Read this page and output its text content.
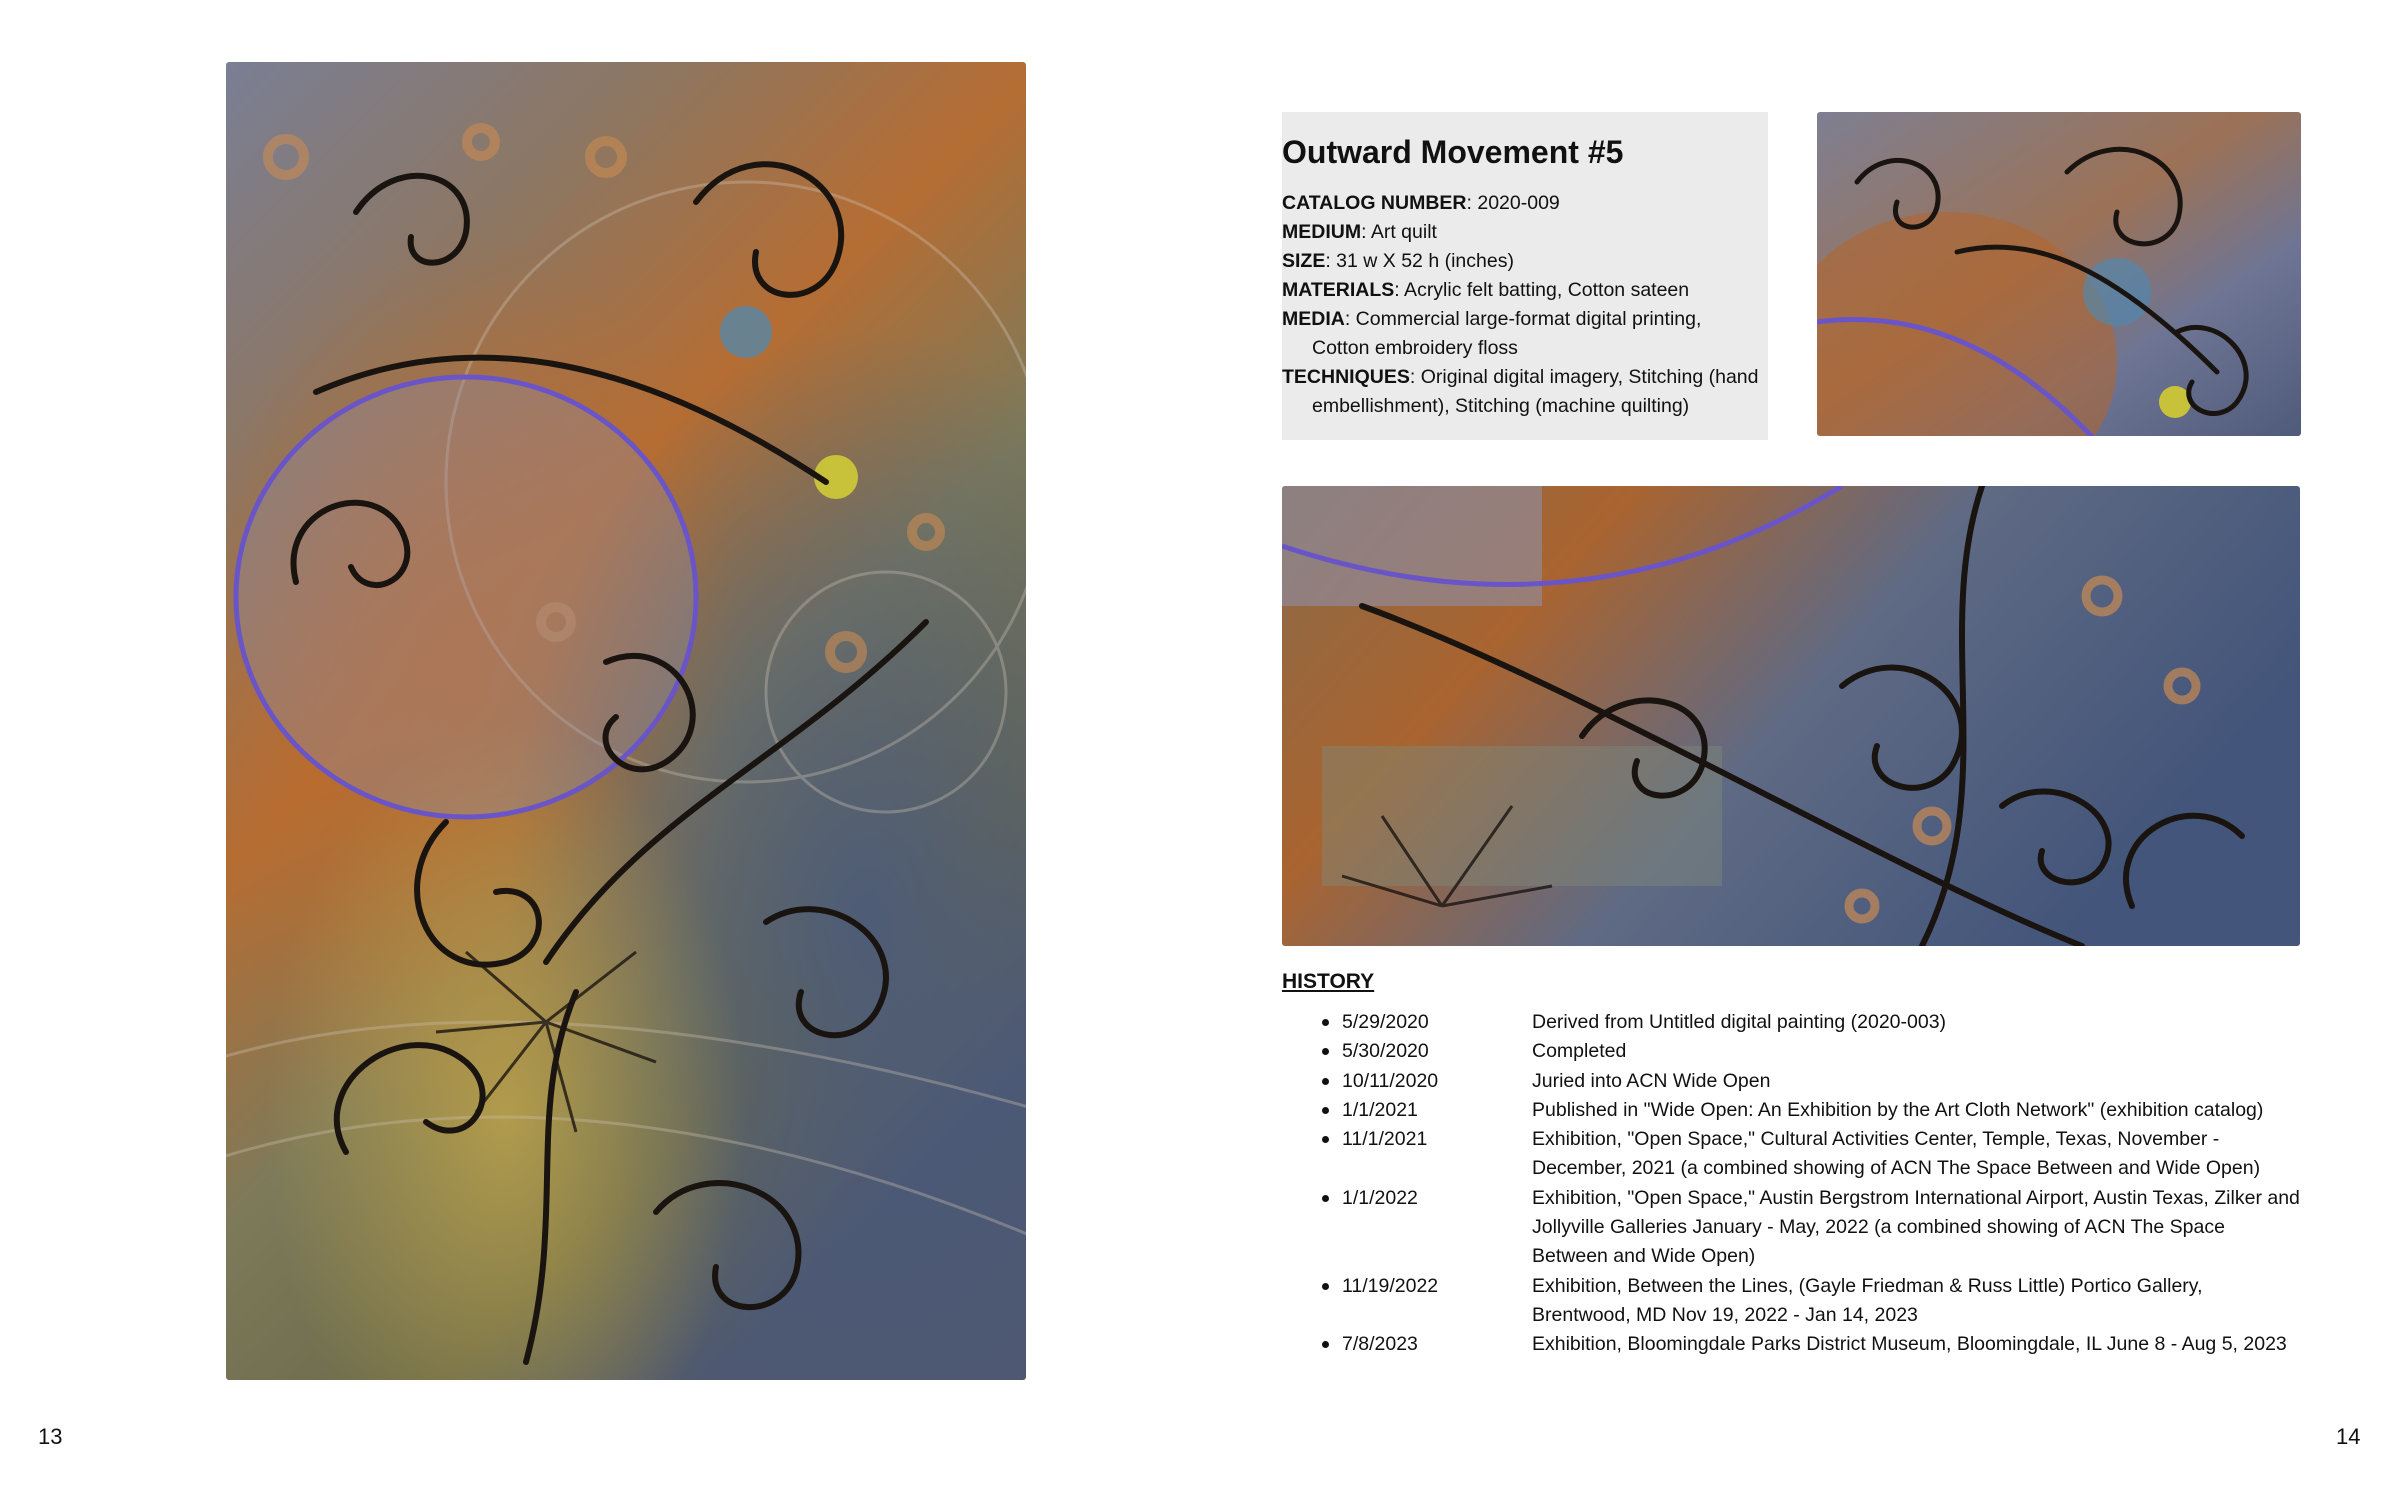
Outward Movement #5
CATALOG NUMBER: 2020-009
MEDIUM: Art quilt
SIZE: 31 w X 52 h (inches)
MATERIALS: Acrylic felt batting, Cotton sateen
MEDIA: Commercial large-format digital printing,
Cotton embroidery floss
TECHNIQUES: Original digital imagery, Stitching (hand
embellishment), Stitching (machine quilting)
HISTORY
5/29/2020	Derived from Untitled digital painting (2020-003)
5/30/2020	Completed
10/11/2020	Juried into ACN Wide Open
1/1/2021	Published in "Wide Open: An Exhibition by the Art Cloth Network" (exhibition catalog)
11/1/2021	Exhibition, "Open Space," Cultural Activities Center, Temple, Texas, November - December, 2021 (a combined showing of ACN The Space Between and Wide Open)
1/1/2022	Exhibition, "Open Space," Austin Bergstrom International Airport, Austin Texas, Zilker and Jollyville Galleries January - May, 2022 (a combined showing of ACN The Space Between and Wide Open)
11/19/2022	Exhibition, Between the Lines, (Gayle Friedman & Russ Little) Portico Gallery, Brentwood, MD Nov 19, 2022 - Jan 14, 2023
7/8/2023	Exhibition, Bloomingdale Parks District Museum, Bloomingdale, IL June 8 - Aug 5, 2023
13	14
